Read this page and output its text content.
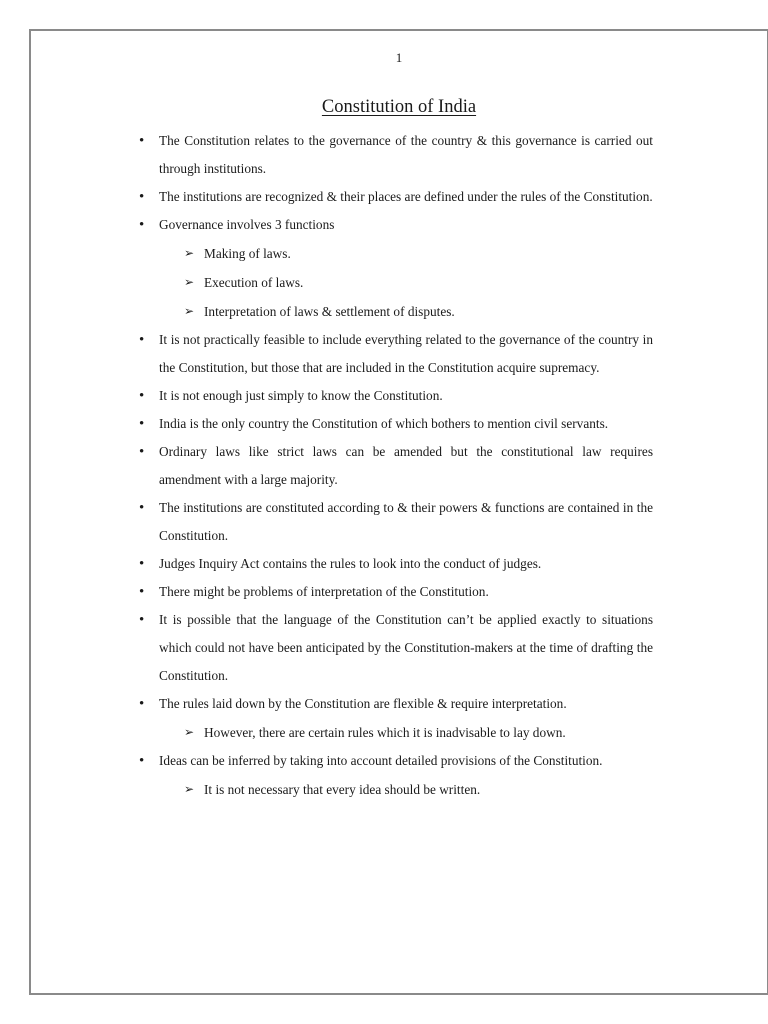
1
Constitution of India
• The Constitution relates to the governance of the country & this governance is carried out through institutions.
• The institutions are recognized & their places are defined under the rules of the Constitution.
• Governance involves 3 functions
➢ Making of laws.
➢ Execution of laws.
➢ Interpretation of laws & settlement of disputes.
• It is not practically feasible to include everything related to the governance of the country in the Constitution, but those that are included in the Constitution acquire supremacy.
• It is not enough just simply to know the Constitution.
• India is the only country the Constitution of which bothers to mention civil servants.
• Ordinary laws like strict laws can be amended but the constitutional law requires amendment with a large majority.
• The institutions are constituted according to & their powers & functions are contained in the Constitution.
• Judges Inquiry Act contains the rules to look into the conduct of judges.
• There might be problems of interpretation of the Constitution.
• It is possible that the language of the Constitution can’t be applied exactly to situations which could not have been anticipated by the Constitution-makers at the time of drafting the Constitution.
• The rules laid down by the Constitution are flexible & require interpretation.
➢ However, there are certain rules which it is inadvisable to lay down.
• Ideas can be inferred by taking into account detailed provisions of the Constitution.
➢ It is not necessary that every idea should be written.
